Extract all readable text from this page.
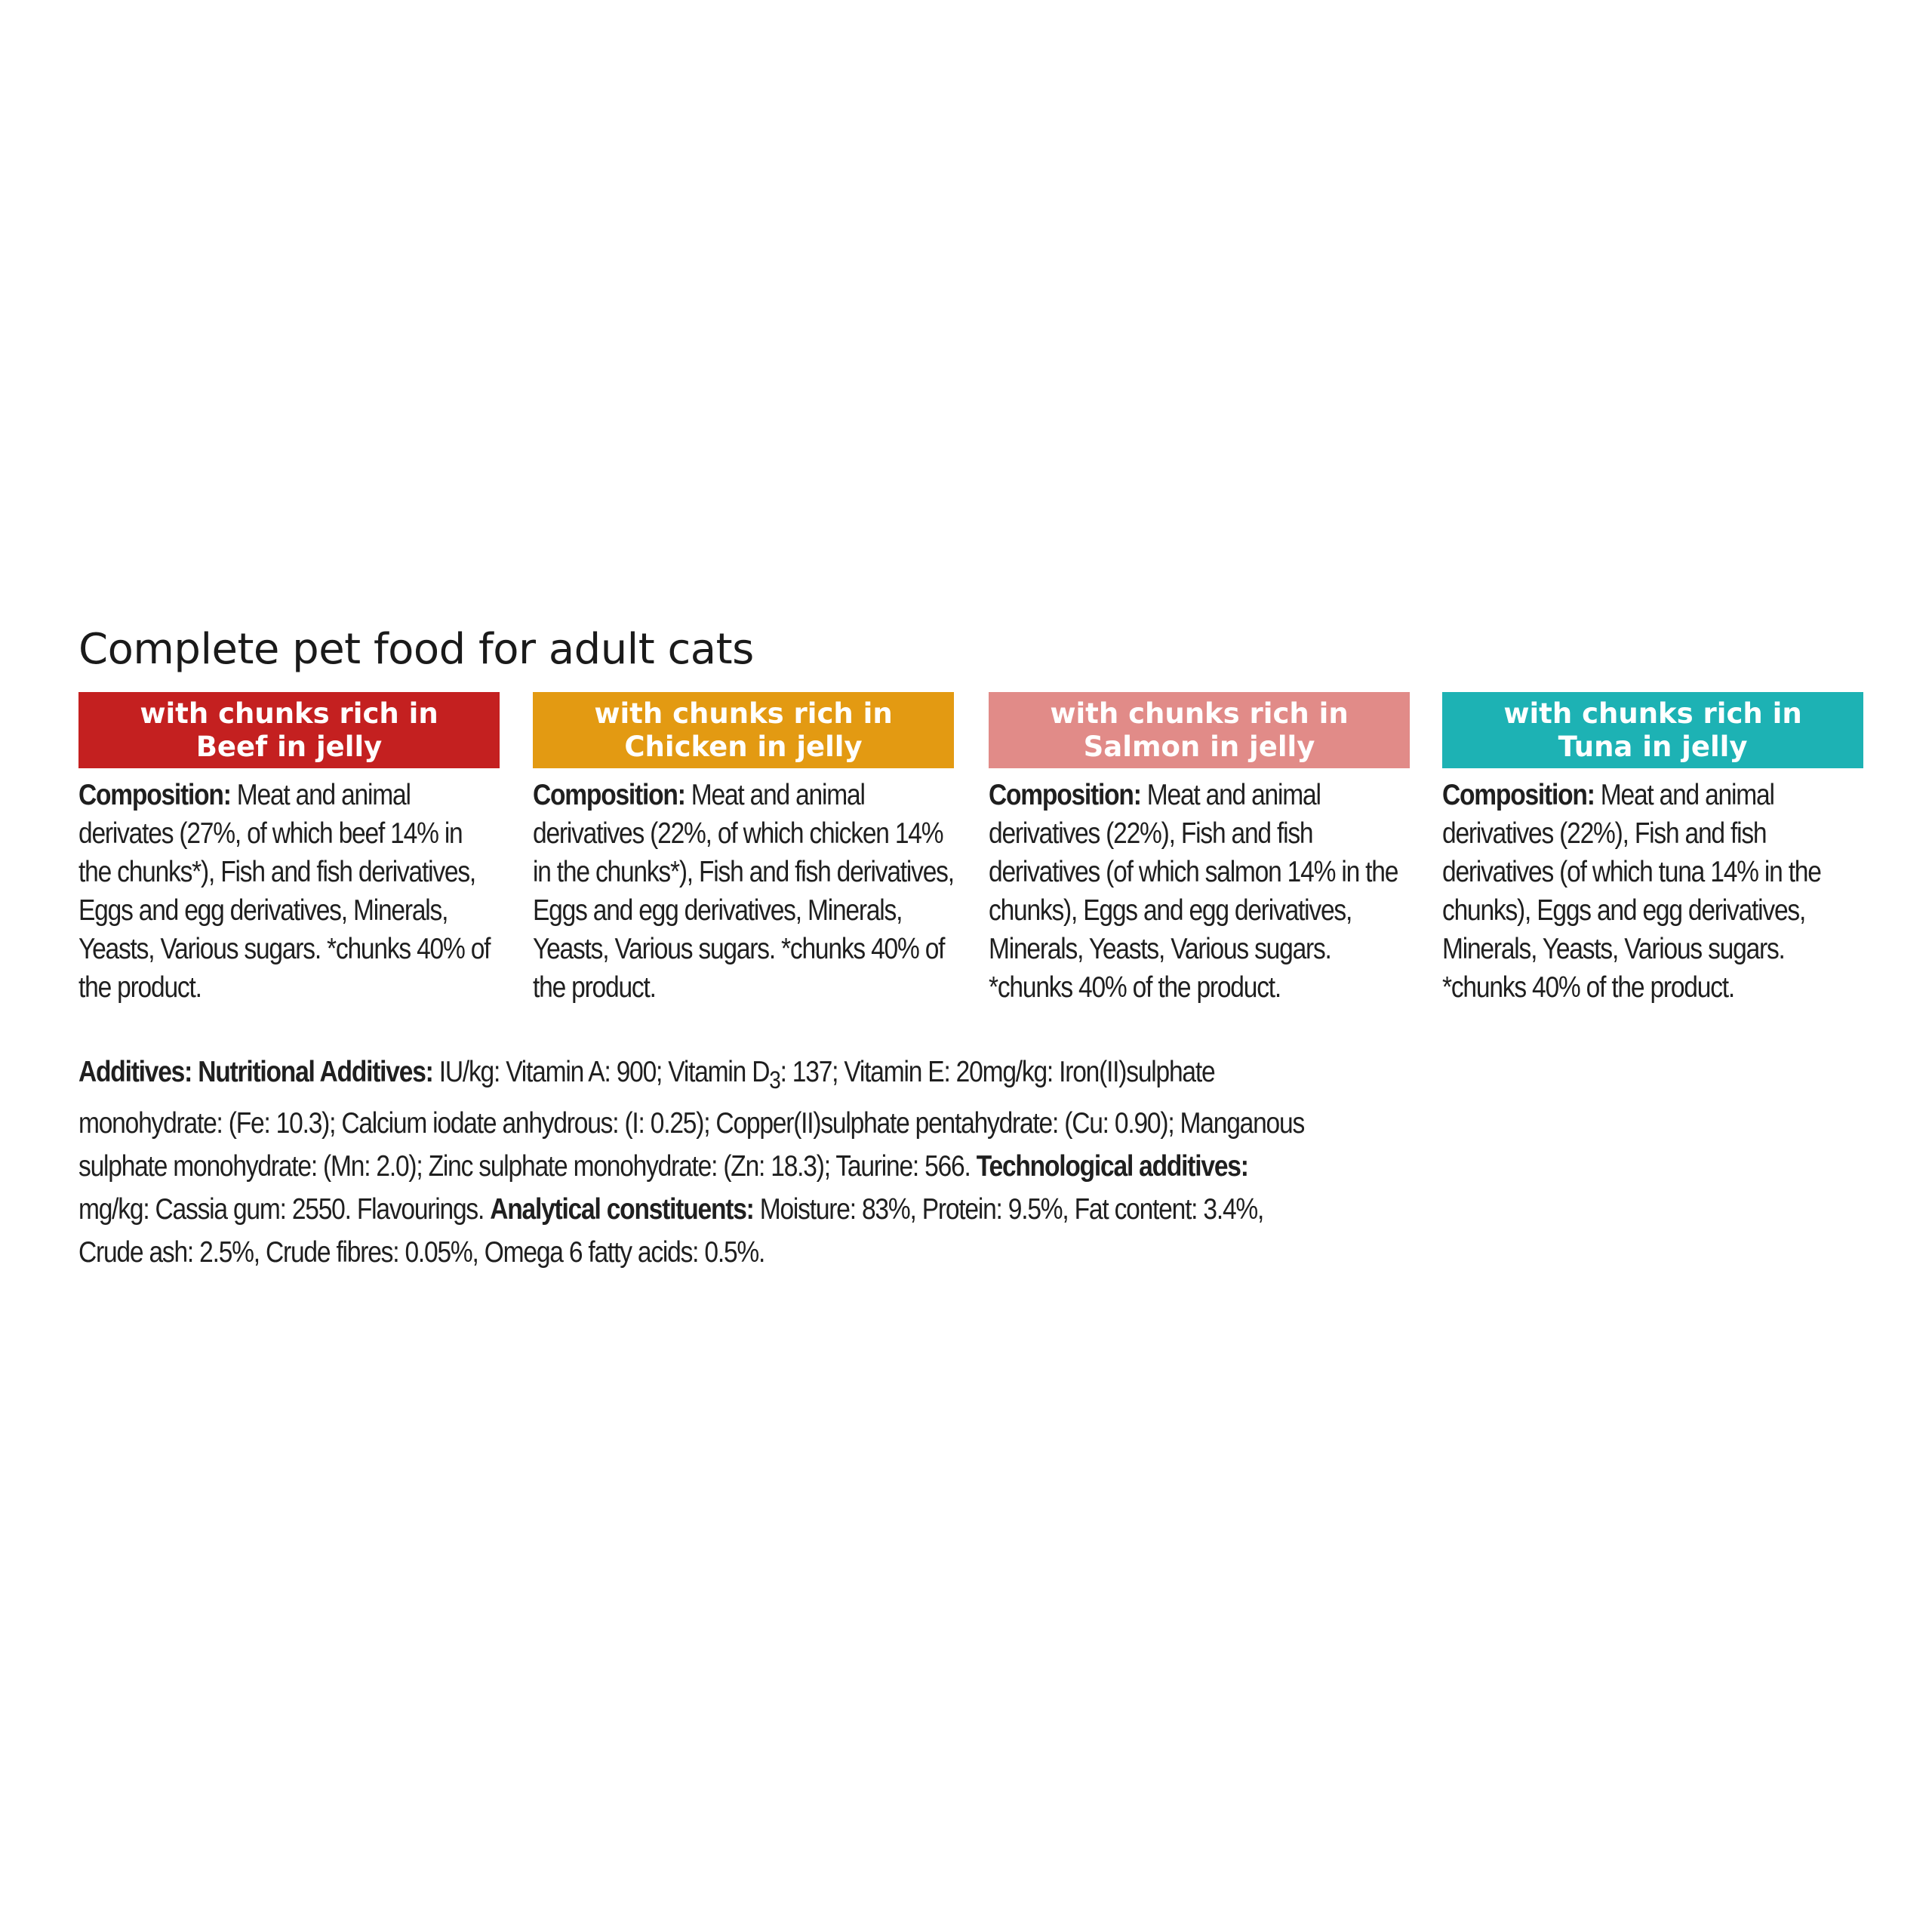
Complete pet food for adult cats
with chunks rich in
Beef in jelly

Composition: Meat and animal derivates (27%, of which beef 14% in the chunks*), Fish and fish derivatives, Eggs and egg derivatives, Minerals, Yeasts, Various sugars. *chunks 40% of the product.

with chunks rich in
Chicken in jelly

Composition: Meat and animal derivatives (22%, of which chicken 14% in the chunks*), Fish and fish derivatives, Eggs and egg derivatives, Minerals, Yeasts, Various sugars. *chunks 40% of the product.

with chunks rich in
Salmon in jelly

Composition: Meat and animal derivatives (22%), Fish and fish derivatives (of which salmon 14% in the chunks), Eggs and egg derivatives, Minerals, Yeasts, Various sugars. *chunks 40% of the product.

with chunks rich in
Tuna in jelly

Composition: Meat and animal derivatives (22%), Fish and fish derivatives (of which tuna 14% in the chunks), Eggs and egg derivatives, Minerals, Yeasts, Various sugars. *chunks 40% of the product.

Additives: Nutritional Additives: IU/kg: Vitamin A: 900; Vitamin $D_3$: 137; Vitamin E: 20mg/kg: Iron(II)sulphate monohydrate: (Fe: 10.3); Calcium iodate anhydrous: (I: 0.25); Copper(II)sulphate pentahydrate: (Cu: 0.90); Manganous sulphate monohydrate: (Mn: 2.0); Zinc sulphate monohydrate: (Zn: 18.3); Taurine: 566. Technological additives: mg/kg: Cassia gum: 2550. Flavourings. Analytical constituents: Moisture: 83%, Protein: 9.5%, Fat content: 3.4%, Crude ash: 2.5%, Crude fibres: 0.05%, Omega 6 fatty acids: 0.5%.
